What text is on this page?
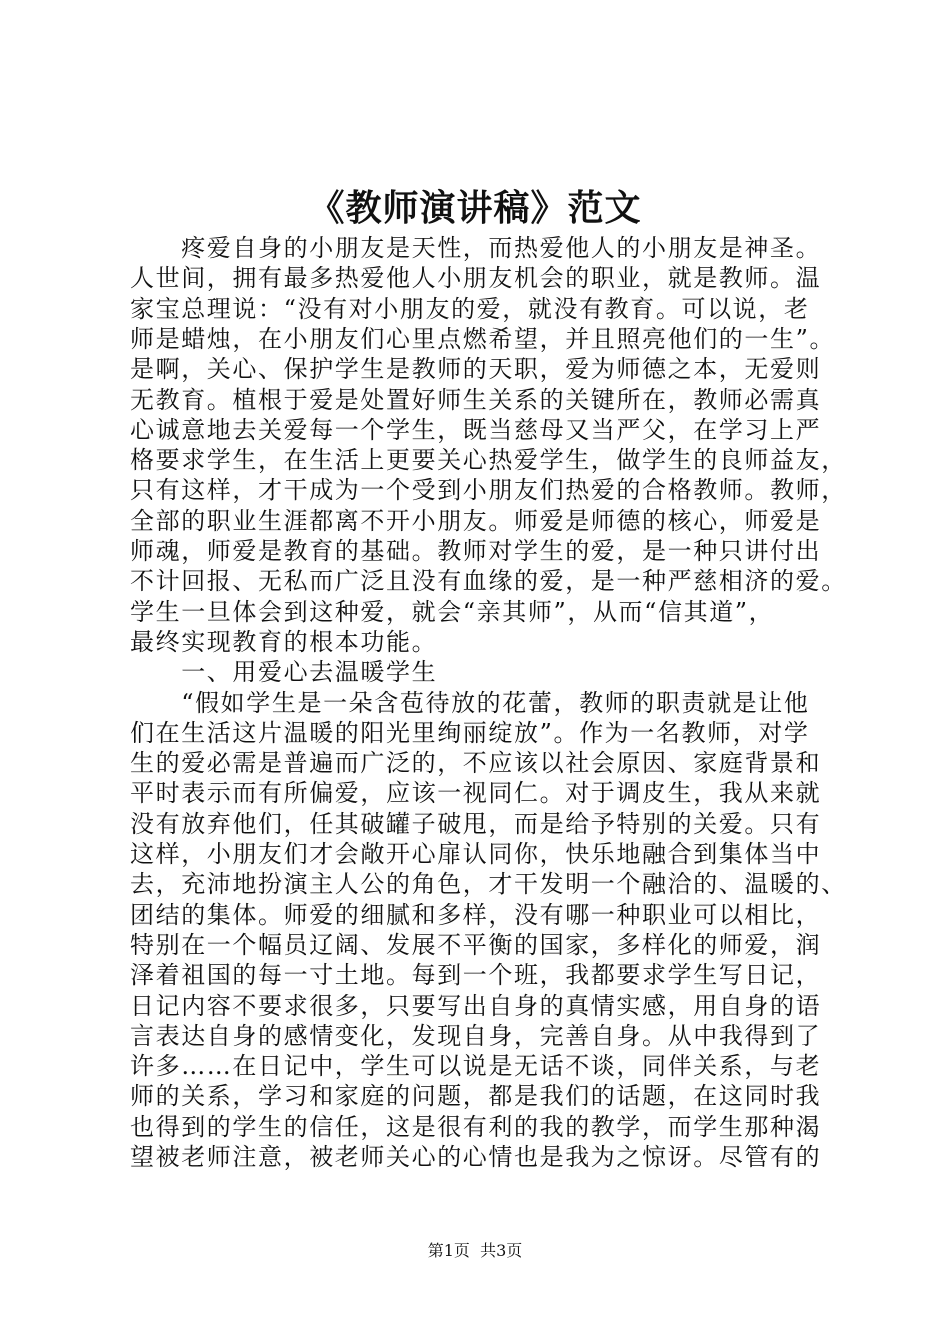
《教师演讲稿》范文
　　疼爱自身的小朋友是天性，而热爱他人的小朋友是神圣。
人世间，拥有最多热爱他人小朋友机会的职业，就是教师。温
家宝总理说：“没有对小朋友的爱，就没有教育。可以说，老
师是蜡烛，在小朋友们心里点燃希望，并且照亮他们的一生”。
是啊，关心、保护学生是教师的天职，爱为师德之本，无爱则
无教育。植根于爱是处置好师生关系的关键所在，教师必需真
心诚意地去关爱每一个学生，既当慈母又当严父，在学习上严
格要求学生，在生活上更要关心热爱学生，做学生的良师益友，
只有这样，才干成为一个受到小朋友们热爱的合格教师。教师，
全部的职业生涯都离不开小朋友。师爱是师德的核心，师爱是
师魂，师爱是教育的基础。教师对学生的爱，是一种只讲付出
不计回报、无私而广泛且没有血缘的爱，是一种严慈相济的爱。
学生一旦体会到这种爱，就会“亲其师”，从而“信其道”，
最终实现教育的根本功能。
　　一、用爱心去温暖学生
　　“假如学生是一朵含苞待放的花蕾，教师的职责就是让他
们在生活这片温暖的阳光里绚丽绽放”。作为一名教师，对学
生的爱必需是普遍而广泛的，不应该以社会原因、家庭背景和
平时表示而有所偏爱，应该一视同仁。对于调皮生，我从来就
没有放弃他们，任其破罐子破甩，而是给予特别的关爱。只有
这样，小朋友们才会敞开心扉认同你，快乐地融合到集体当中
去，充沛地扮演主人公的角色，才干发明一个融洽的、温暖的、
团结的集体。师爱的细腻和多样，没有哪一种职业可以相比，
特别在一个幅员辽阔、发展不平衡的国家，多样化的师爱，润
泽着祖国的每一寸土地。每到一个班，我都要求学生写日记，
日记内容不要求很多，只要写出自身的真情实感，用自身的语
言表达自身的感情变化，发现自身，完善自身。从中我得到了
许多……在日记中，学生可以说是无话不谈，同伴关系，与老
师的关系，学习和家庭的问题，都是我们的话题，在这同时我
也得到的学生的信任，这是很有利的我的教学，而学生那种渴
望被老师注意，被老师关心的心情也是我为之惊讶。尽管有的
第1页  共3页
